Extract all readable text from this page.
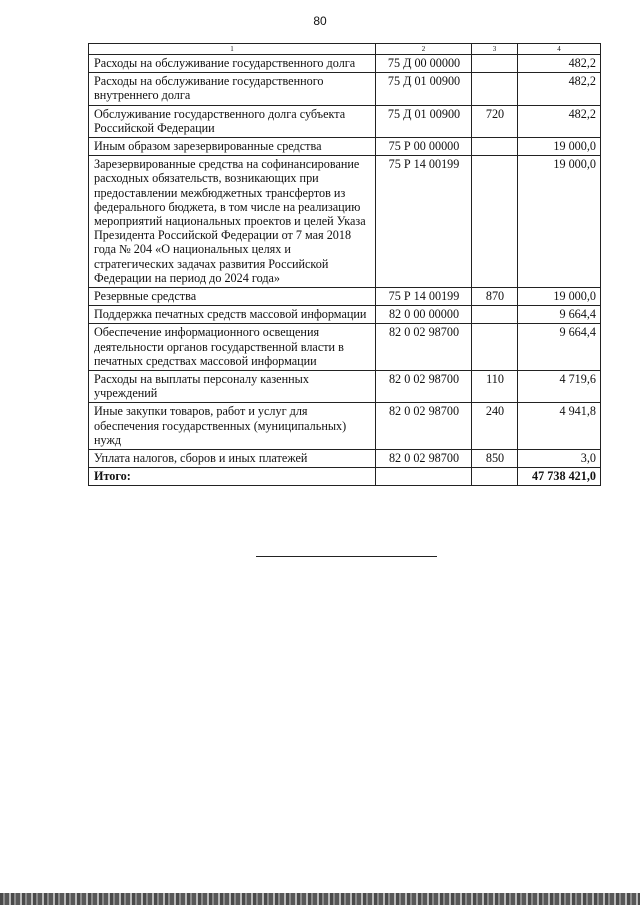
80
1	2	3	4
Расходы на обслуживание государственного долга	75 Д 00 00000		482,2
Расходы на обслуживание государственного внутреннего долга	75 Д 01 00900		482,2
Обслуживание государственного долга субъекта Российской Федерации	75 Д 01 00900	720	482,2
Иным образом зарезервированные средства	75 Р 00 00000		19 000,0
Зарезервированные средства на софинансирование расходных обязательств, возникающих при предоставлении межбюджетных трансфертов из федерального бюджета, в том числе на реализацию мероприятий национальных проектов и целей Указа Президента Российской Федерации от 7 мая 2018 года № 204 «О национальных целях и стратегических задачах развития Российской Федерации на период до 2024 года»	75 Р 14 00199		19 000,0
Резервные средства	75 Р 14 00199	870	19 000,0
Поддержка печатных средств массовой информации	82 0 00 00000		9 664,4
Обеспечение информационного освещения деятельности органов государственной власти в печатных средствах массовой информации	82 0 02 98700		9 664,4
Расходы на выплаты персоналу казенных учреждений	82 0 02 98700	110	4 719,6
Иные закупки товаров, работ и услуг для обеспечения государственных (муниципальных) нужд	82 0 02 98700	240	4 941,8
Уплата налогов, сборов и иных платежей	82 0 02 98700	850	3,0
Итого:			47 738 421,0
